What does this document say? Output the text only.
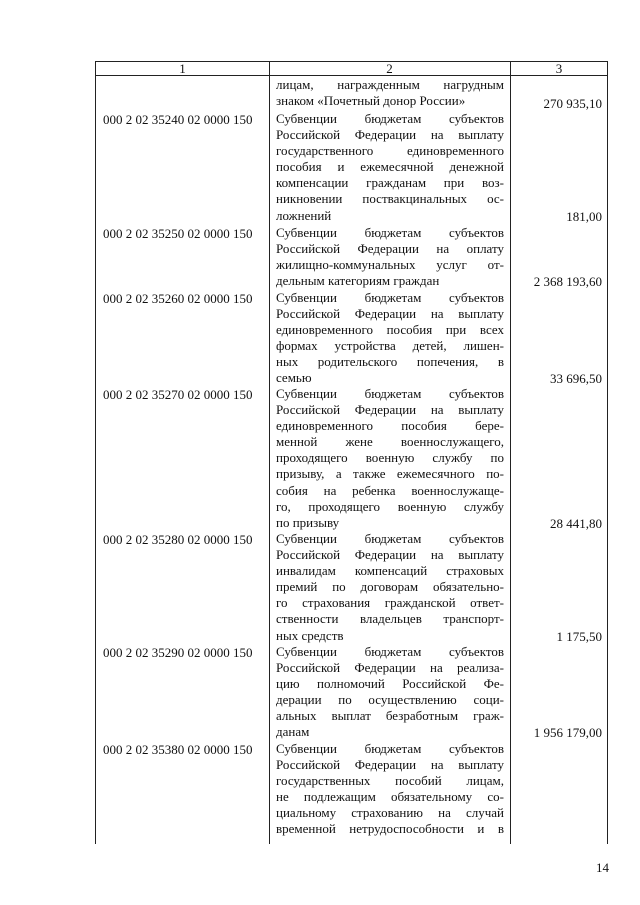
1	2	3
лицам, награжденным нагрудным
знаком «Почетный донор России»	270 935,10
000 2 02 35240 02 0000 150	Субвенции бюджетам субъектов
Российской Федерации на выплату
государственного единовременного
пособия и ежемесячной денежной
компенсации гражданам при воз-
никновении поствакцинальных ос-
ложнений	181,00
000 2 02 35250 02 0000 150	Субвенции бюджетам субъектов
Российской Федерации на оплату
жилищно-коммунальных услуг от-
дельным категориям граждан	2 368 193,60
000 2 02 35260 02 0000 150	Субвенции бюджетам субъектов
Российской Федерации на выплату
единовременного пособия при всех
формах устройства детей, лишен-
ных родительского попечения, в
семью	33 696,50
000 2 02 35270 02 0000 150	Субвенции бюджетам субъектов
Российской Федерации на выплату
единовременного пособия бере-
менной жене военнослужащего,
проходящего военную службу по
призыву, а также ежемесячного по-
собия на ребенка военнослужаще-
го, проходящего военную службу
по призыву	28 441,80
000 2 02 35280 02 0000 150	Субвенции бюджетам субъектов
Российской Федерации на выплату
инвалидам компенсаций страховых
премий по договорам обязательно-
го страхования гражданской ответ-
ственности владельцев транспорт-
ных средств	1 175,50
000 2 02 35290 02 0000 150	Субвенции бюджетам субъектов
Российской Федерации на реализа-
цию полномочий Российской Фе-
дерации по осуществлению соци-
альных выплат безработным граж-
данам	1 956 179,00
000 2 02 35380 02 0000 150	Субвенции бюджетам субъектов
Российской Федерации на выплату
государственных пособий лицам,
не подлежащим обязательному со-
циальному страхованию на случай
временной нетрудоспособности и в
14
